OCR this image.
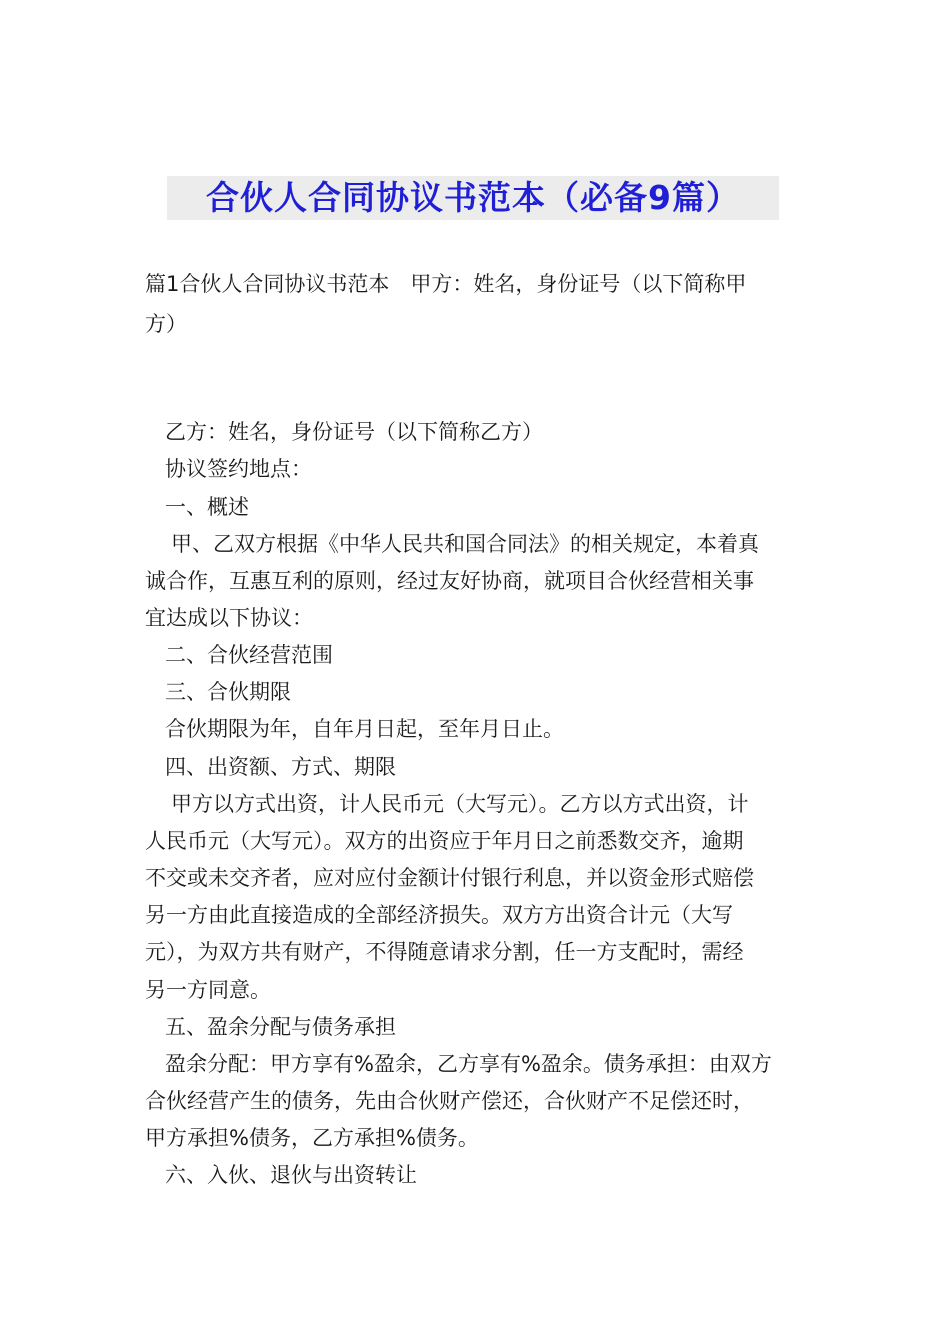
合伙人合同协议书范本（必备9篇）
篇1合伙人合同协议书范本　甲方：姓名，身份证号（以下简称甲
方）
乙方：姓名，身份证号（以下简称乙方）
协议签约地点：
一、概述
甲、乙双方根据《中华人民共和国合同法》的相关规定，本着真
诚合作，互惠互利的原则，经过友好协商，就项目合伙经营相关事
宜达成以下协议：
二、合伙经营范围
三、合伙期限
合伙期限为年，自年月日起，至年月日止。
四、出资额、方式、期限
甲方以方式出资，计人民币元（大写元）。乙方以方式出资，计
人民币元（大写元）。双方的出资应于年月日之前悉数交齐，逾期
不交或未交齐者，应对应付金额计付银行利息，并以资金形式赔偿
另一方由此直接造成的全部经济损失。双方方出资合计元（大写
元），为双方共有财产，不得随意请求分割，任一方支配时，需经
另一方同意。
五、盈余分配与债务承担
盈余分配：甲方享有%盈余，乙方享有%盈余。债务承担：由双方
合伙经营产生的债务，先由合伙财产偿还，合伙财产不足偿还时，
甲方承担%债务，乙方承担%债务。
六、入伙、退伙与出资转让
